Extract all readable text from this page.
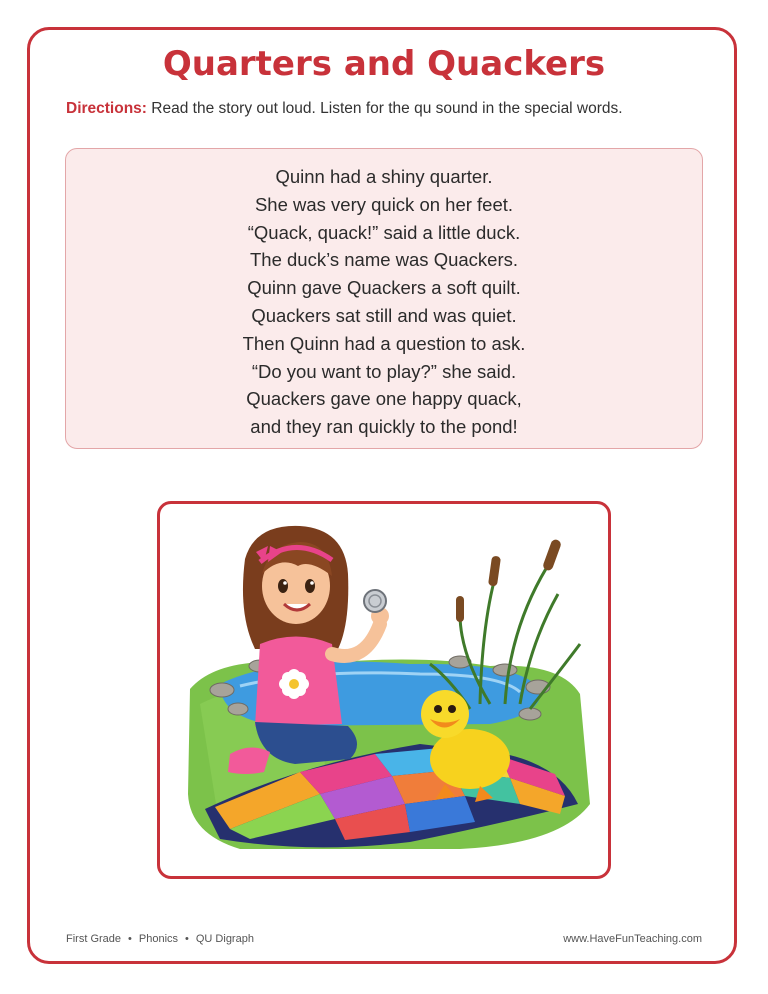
Quarters and Quackers
Directions: Read the story out loud. Listen for the qu sound in the special words.
Quinn had a shiny quarter.
She was very quick on her feet.
“Quack, quack!” said a little duck.
The duck’s name was Quackers.
Quinn gave Quackers a soft quilt.
Quackers sat still and was quiet.
Then Quinn had a question to ask.
“Do you want to play?” she said.
Quackers gave one happy quack,
and they ran quickly to the pond!
First Grade • Phonics • QU Digraph	www.HaveFunTeaching.com
